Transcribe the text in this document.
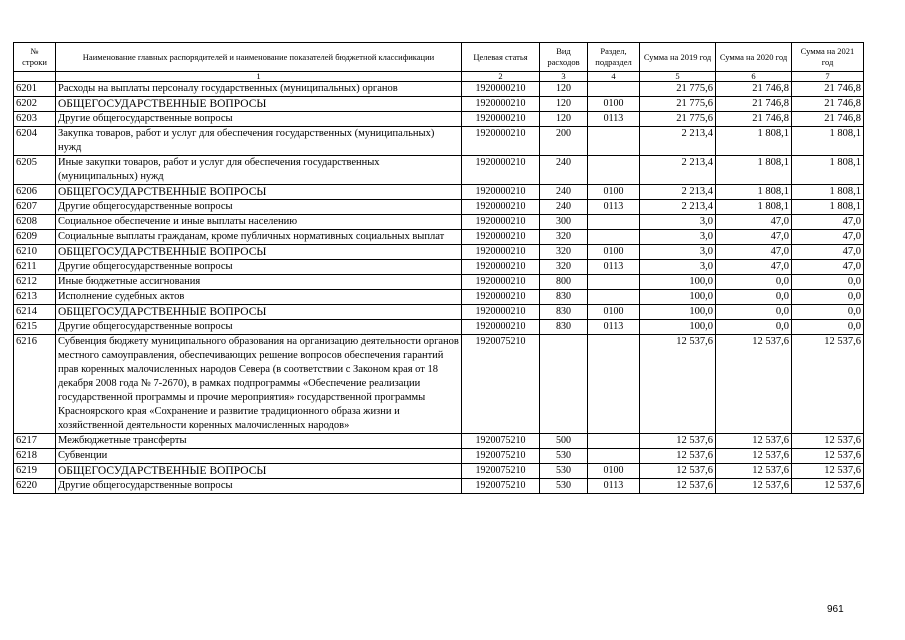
№
строки	Наименование главных распорядителей и наименование показателей бюджетной классификации	Целевая статья	Вид расходов	Раздел, подраздел	Сумма на 2019 год	Сумма на 2020 год	Сумма на 2021 год
	1	2	3	4	5	6	7
6201	Расходы на выплаты персоналу государственных (муниципальных) органов	1920000210	120		21 775,6	21 746,8	21 746,8
6202	ОБЩЕГОСУДАРСТВЕННЫЕ ВОПРОСЫ	1920000210	120	0100	21 775,6	21 746,8	21 746,8
6203	Другие общегосударственные вопросы	1920000210	120	0113	21 775,6	21 746,8	21 746,8
6204	Закупка товаров, работ и услуг для обеспечения государственных (муниципальных) нужд	1920000210	200		2 213,4	1 808,1	1 808,1
6205	Иные закупки товаров, работ и услуг для обеспечения государственных (муниципальных) нужд	1920000210	240		2 213,4	1 808,1	1 808,1
6206	ОБЩЕГОСУДАРСТВЕННЫЕ ВОПРОСЫ	1920000210	240	0100	2 213,4	1 808,1	1 808,1
6207	Другие общегосударственные вопросы	1920000210	240	0113	2 213,4	1 808,1	1 808,1
6208	Социальное обеспечение и иные выплаты населению	1920000210	300		3,0	47,0	47,0
6209	Социальные выплаты гражданам, кроме публичных нормативных социальных выплат	1920000210	320		3,0	47,0	47,0
6210	ОБЩЕГОСУДАРСТВЕННЫЕ ВОПРОСЫ	1920000210	320	0100	3,0	47,0	47,0
6211	Другие общегосударственные вопросы	1920000210	320	0113	3,0	47,0	47,0
6212	Иные бюджетные ассигнования	1920000210	800		100,0	0,0	0,0
6213	Исполнение судебных актов	1920000210	830		100,0	0,0	0,0
6214	ОБЩЕГОСУДАРСТВЕННЫЕ ВОПРОСЫ	1920000210	830	0100	100,0	0,0	0,0
6215	Другие общегосударственные вопросы	1920000210	830	0113	100,0	0,0	0,0
6216	Субвенция бюджету муниципального образования на организацию деятельности органов местного самоуправления, обеспечивающих решение вопросов обеспечения гарантий прав коренных малочисленных народов Севера (в соответствии с Законом края от 18 декабря 2008 года № 7-2670), в рамках подпрограммы «Обеспечение реализации государственной программы и прочие мероприятия» государственной программы Красноярского края «Сохранение и развитие традиционного образа жизни и хозяйственной деятельности коренных малочисленных народов»	1920075210			12 537,6	12 537,6	12 537,6
6217	Межбюджетные трансферты	1920075210	500		12 537,6	12 537,6	12 537,6
6218	Субвенции	1920075210	530		12 537,6	12 537,6	12 537,6
6219	ОБЩЕГОСУДАРСТВЕННЫЕ ВОПРОСЫ	1920075210	530	0100	12 537,6	12 537,6	12 537,6
6220	Другие общегосударственные вопросы	1920075210	530	0113	12 537,6	12 537,6	12 537,6
961
